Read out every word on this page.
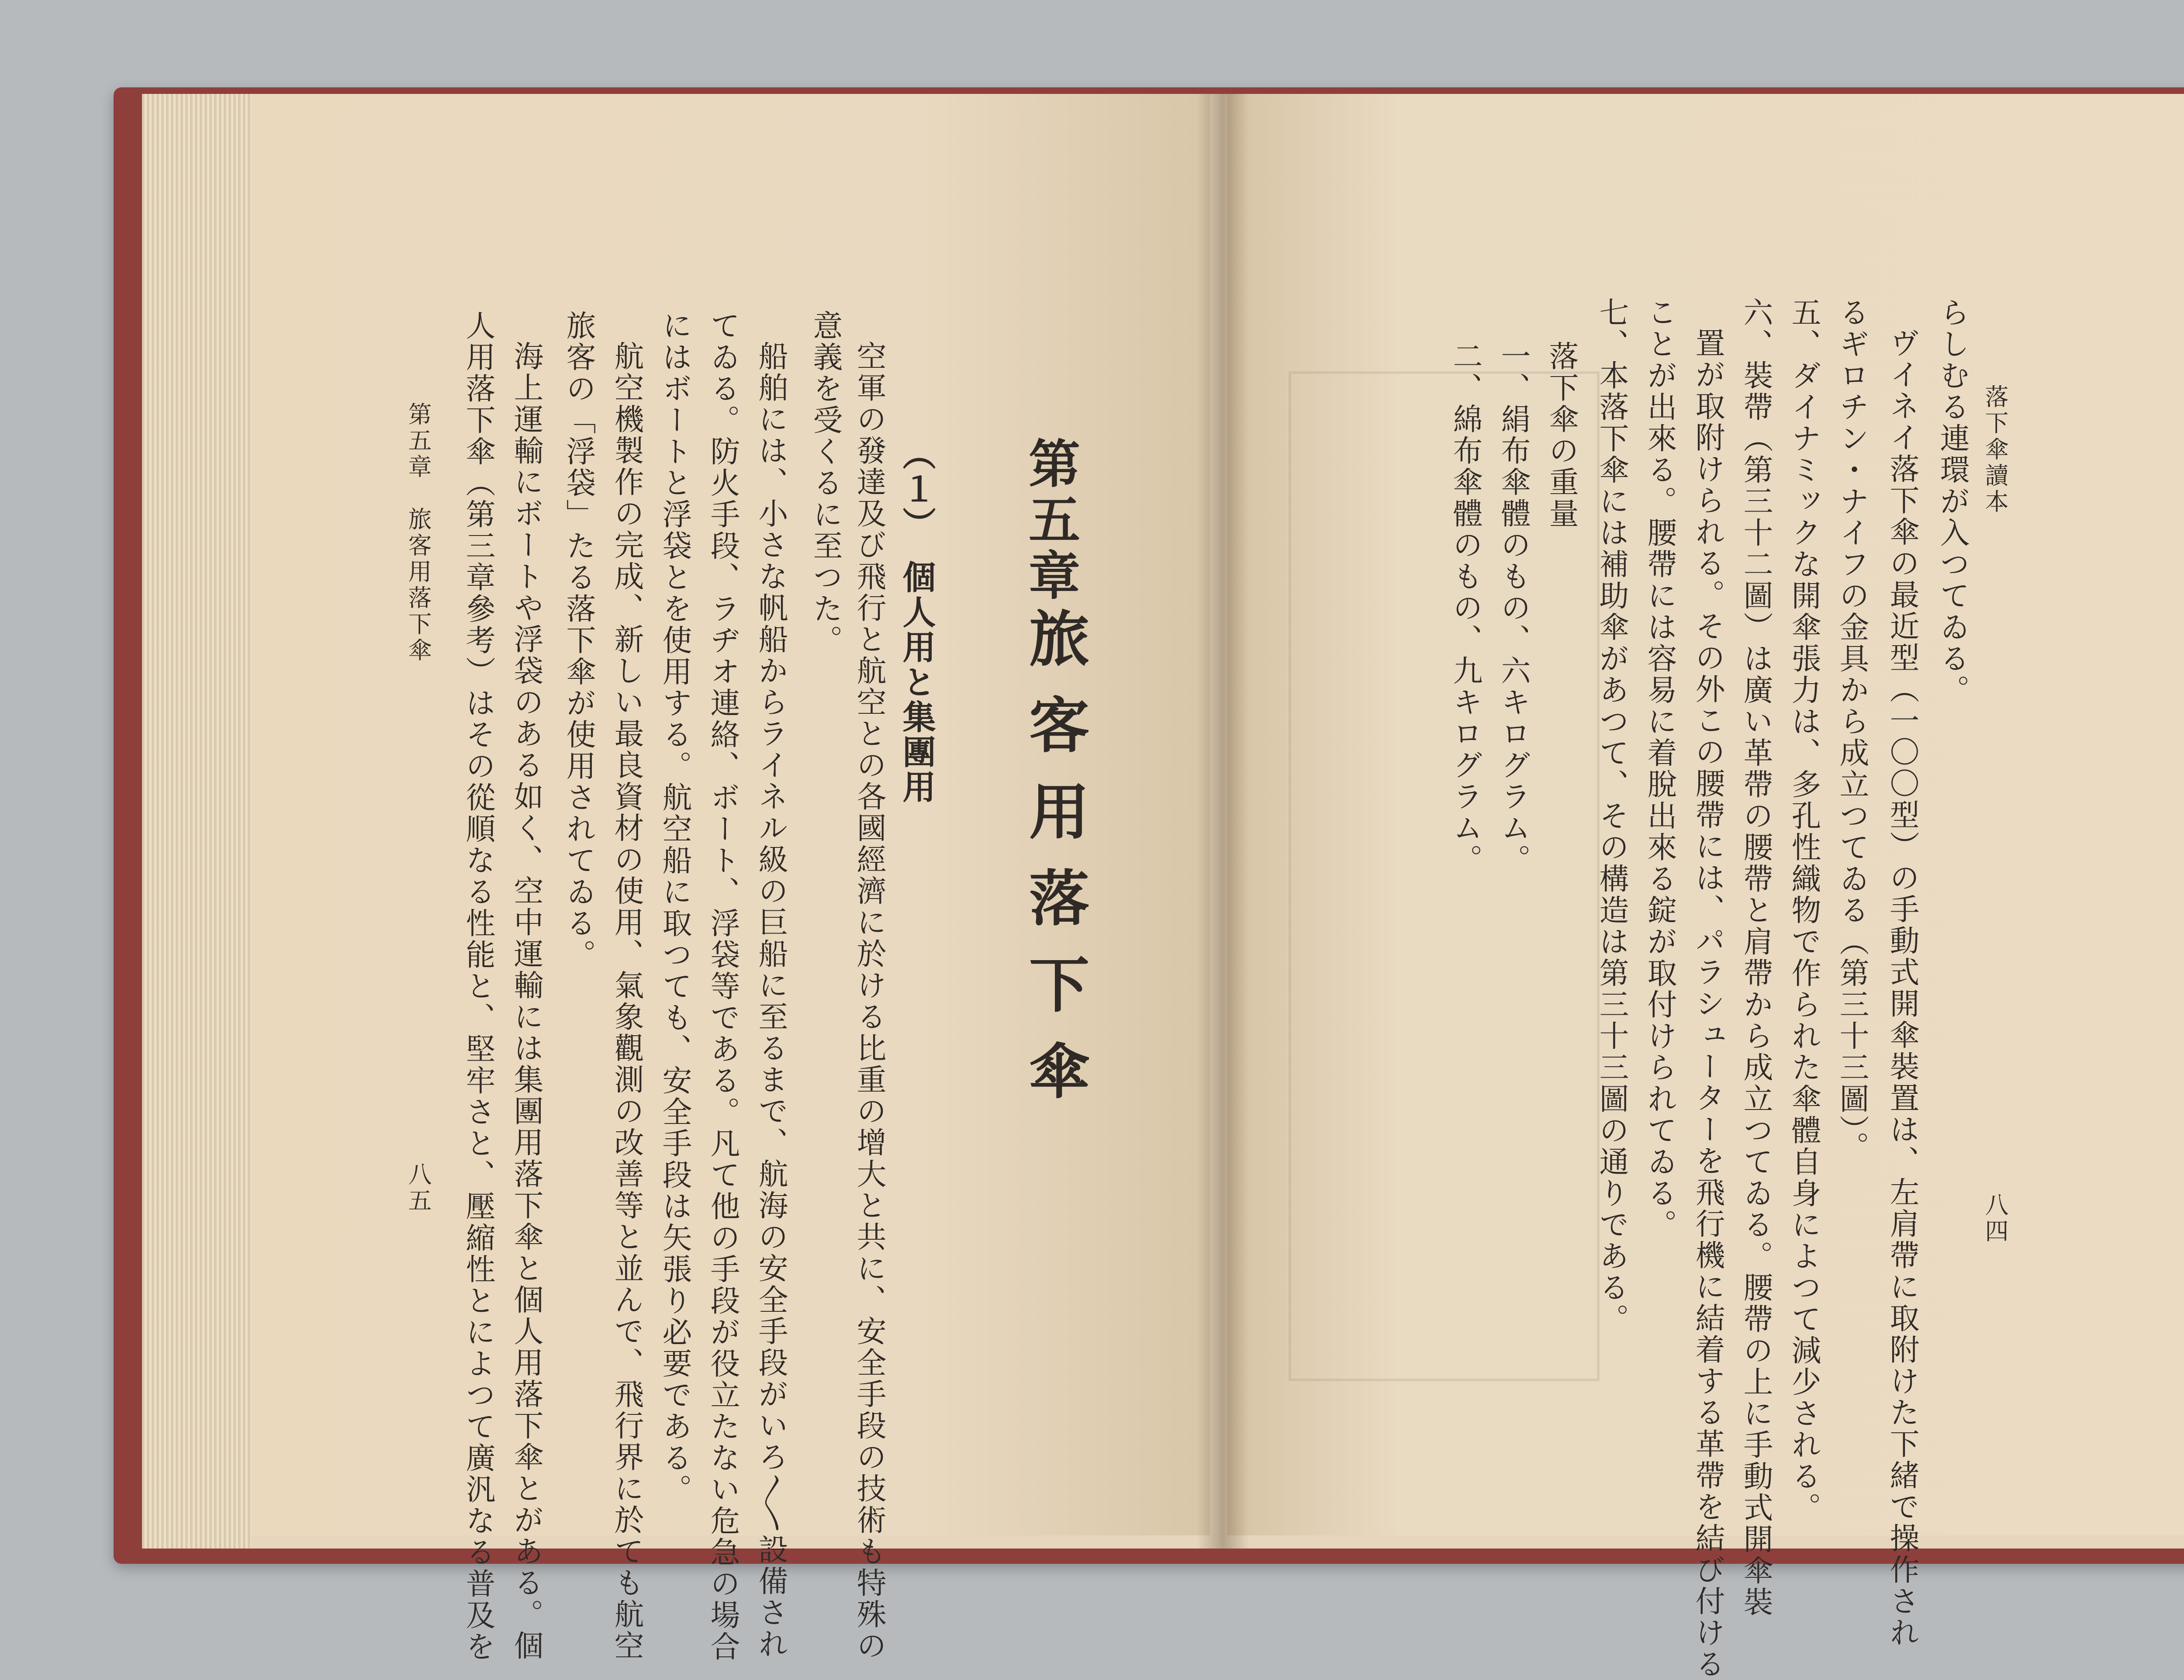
第五章
旅客用落下傘
（１）　個人用と集團用
空軍の發達及び飛行と航空との各國經濟に於ける比重の增大と共に、安全手段の技術も特殊の
意義を受くるに至つた。
船舶には、小さな帆船からライネル級の巨船に至るまで、航海の安全手段がいろ〳〵設備され
てゐる。防火手段、ラヂオ連絡、ボート、浮袋等である。凡て他の手段が役立たない危急の場合
にはボートと浮袋とを使用する。航空船に取つても、安全手段は矢張り必要である。
航空機製作の完成、新しい最良資材の使用、氣象觀測の改善等と並んで、飛行界に於ても航空
旅客の「浮袋」たる落下傘が使用されてゐる。
海上運輸にボートや浮袋のある如く、空中運輸には集團用落下傘と個人用落下傘とがある。個
人用落下傘（第三章參考）はその從順なる性能と、堅牢さと、壓縮性とによつて廣汎なる普及を
第五章　旅客用落下傘
八五
落下傘讀本
八四
らしむる連環が入つてゐる。
ヴイネイ落下傘の最近型（一〇〇型）の手動式開傘裝置は、左肩帶に取附けた下緒で操作され
るギロチン・ナイフの金具から成立つてゐる（第三十三圖）。
五、ダイナミックな開傘張力は、多孔性織物で作られた傘體自身によつて減少される。
六、裝帶（第三十二圖）は廣い革帶の腰帶と肩帶から成立つてゐる。腰帶の上に手動式開傘裝
置が取附けられる。その外この腰帶には、パラシューターを飛行機に結着する革帶を結び付ける
ことが出來る。腰帶には容易に着脫出來る錠が取付けられてゐる。
七、本落下傘には補助傘があつて、その構造は第三十三圖の通りである。
落下傘の重量
一、絹布傘體のもの、六キログラム。
二、綿布傘體のもの、九キログラム。
